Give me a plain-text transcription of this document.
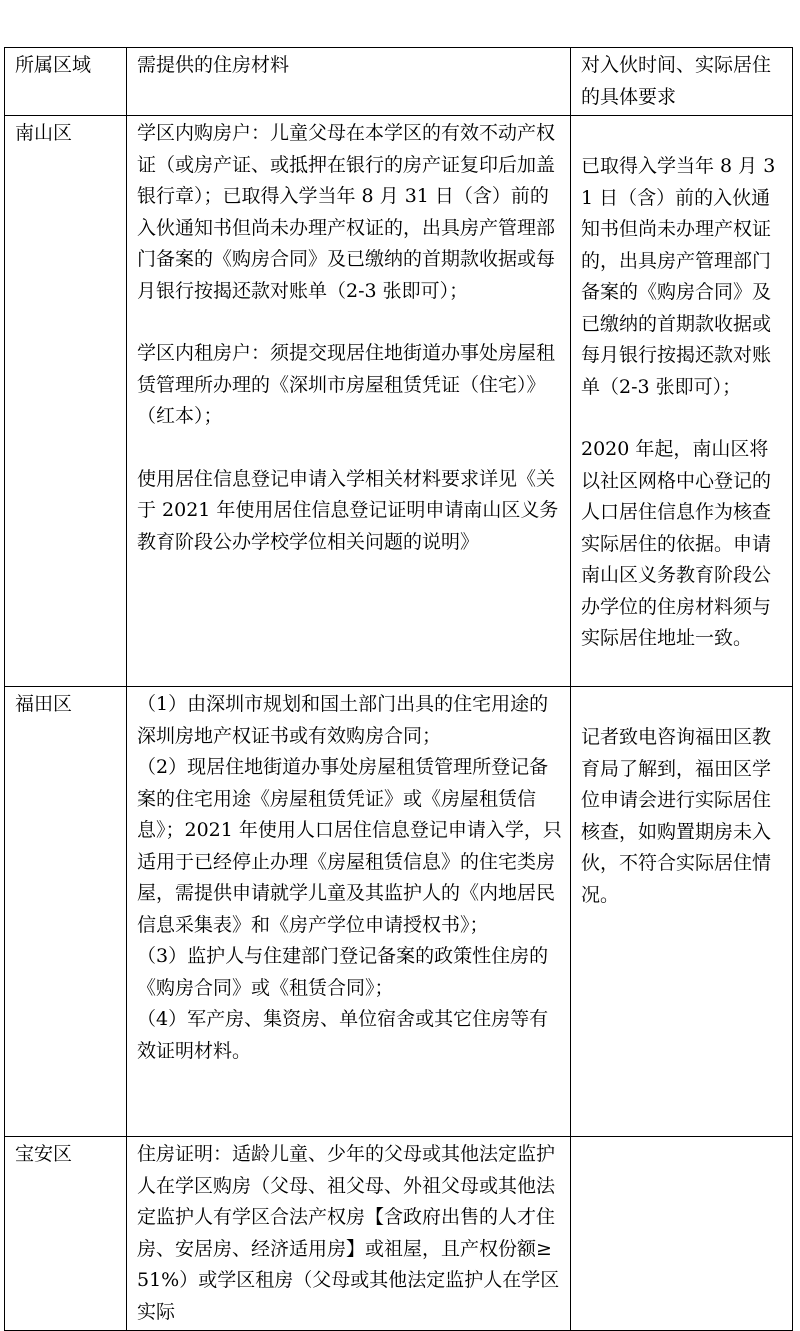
所属区域	需提供的住房材料	对入伙时间、实际居住的具体要求
南山区	学区内购房户：儿童父母在本学区的有效不动产权证（或房产证、或抵押在银行的房产证复印后加盖银行章）；已取得入学当年 8 月 31 日（含）前的入伙通知书但尚未办理产权证的，出具房产管理部门备案的《购房合同》及已缴纳的首期款收据或每月银行按揭还款对账单（2-3 张即可）；
学区内租房户：须提交现居住地街道办事处房屋租赁管理所办理的《深圳市房屋租赁凭证（住宅）》（红本）；
使用居住信息登记申请入学相关材料要求详见《关于 2021 年使用居住信息登记证明申请南山区义务教育阶段公办学校学位相关问题的说明》	已取得入学当年 8 月 31 日（含）前的入伙通知书但尚未办理产权证的，出具房产管理部门备案的《购房合同》及已缴纳的首期款收据或每月银行按揭还款对账单（2-3 张即可）；
2020 年起，南山区将以社区网格中心登记的人口居住信息作为核查实际居住的依据。申请南山区义务教育阶段公办学位的住房材料须与实际居住地址一致。

福田区	（1）由深圳市规划和国土部门出具的住宅用途的深圳房地产权证书或有效购房合同；
（2）现居住地街道办事处房屋租赁管理所登记备案的住宅用途《房屋租赁凭证》或《房屋租赁信息》；2021 年使用人口居住信息登记申请入学，只适用于已经停止办理《房屋租赁信息》的住宅类房屋，需提供申请就学儿童及其监护人的《内地居民信息采集表》和《房产学位申请授权书》；
（3）监护人与住建部门登记备案的政策性住房的《购房合同》或《租赁合同》；
（4）军产房、集资房、单位宿舍或其它住房等有效证明材料。	记者致电咨询福田区教育局了解到，福田区学位申请会进行实际居住核查，如购置期房未入伙，不符合实际居住情况。

宝安区	住房证明：适龄儿童、少年的父母或其他法定监护人在学区购房（父母、祖父母、外祖父母或其他法定监护人有学区合法产权房【含政府出售的人才住房、安居房、经济适用房】或祖屋，且产权份额≥51%）或学区租房（父母或其他法定监护人在学区实际	
